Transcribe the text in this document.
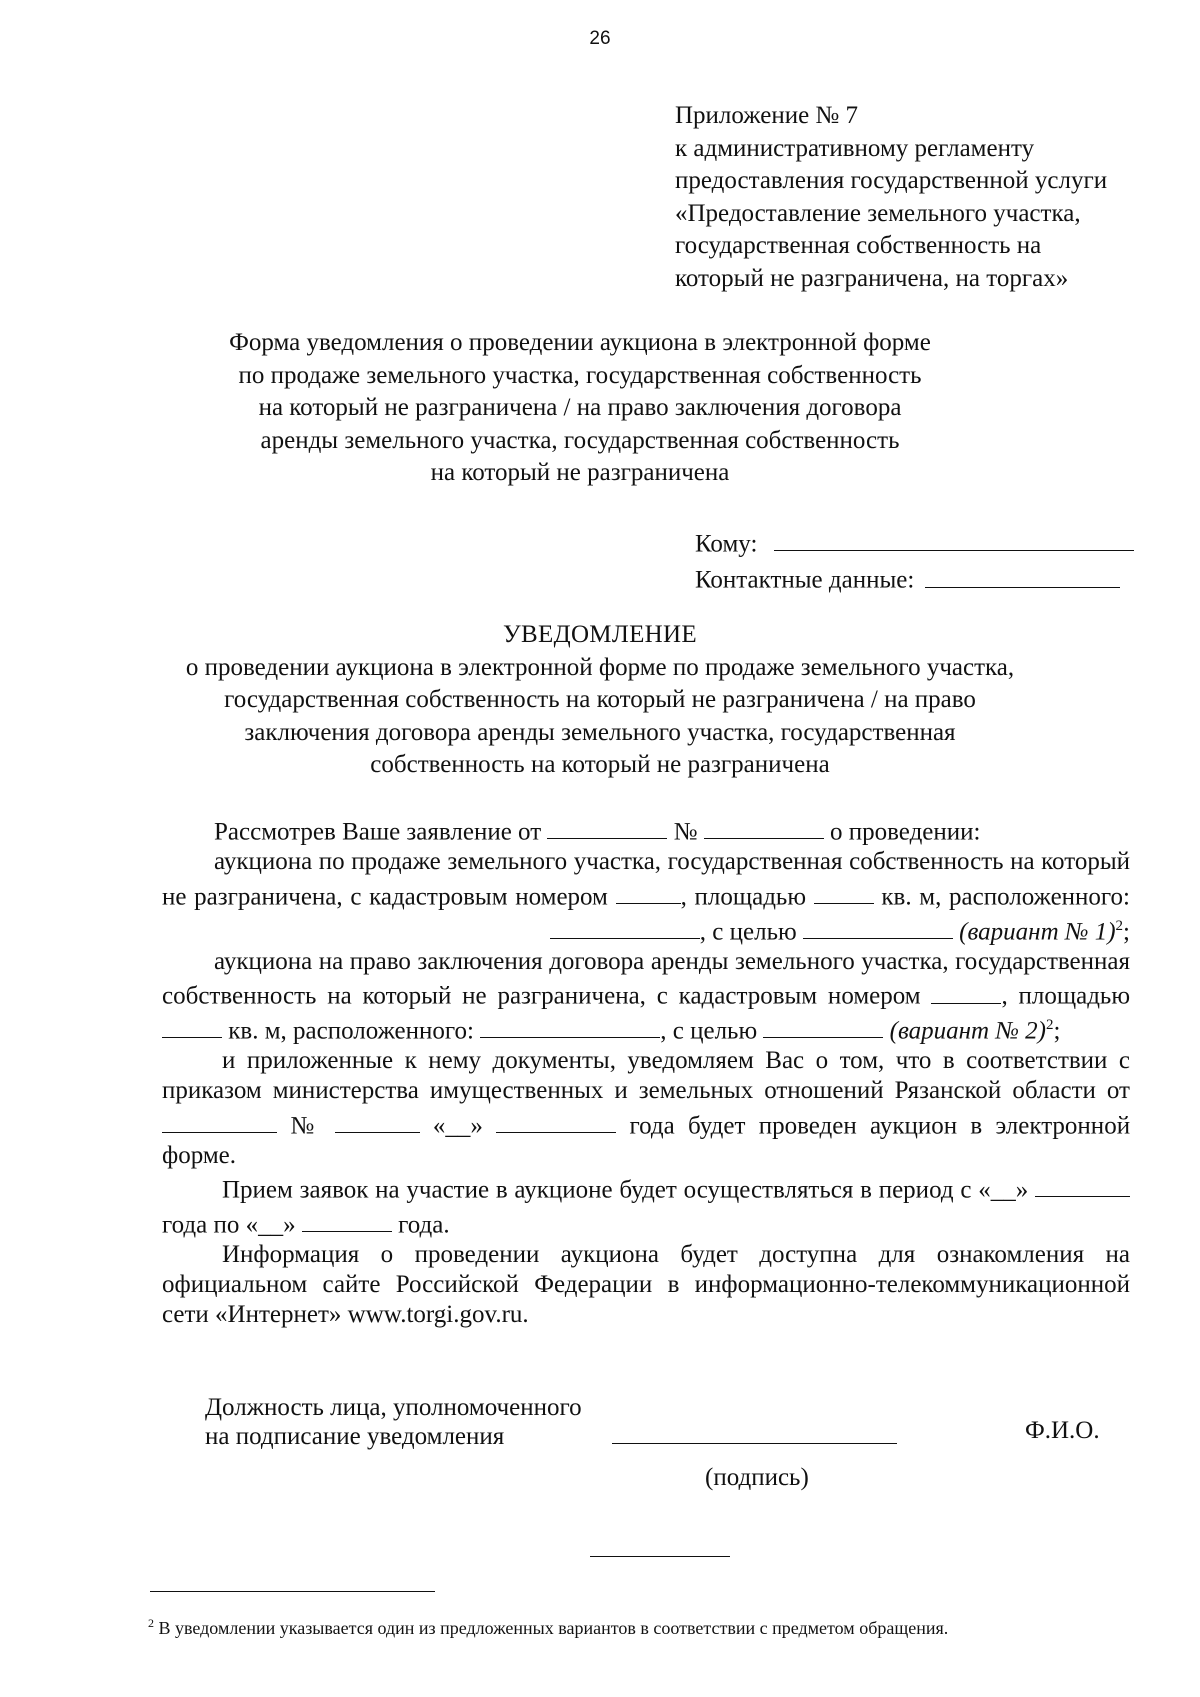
26
Приложение № 7
к административному регламенту
предоставления государственной услуги
«Предоставление земельного участка,
государственная собственность на
который не разграничена, на торгах»
Форма уведомления о проведении аукциона в электронной форме
по продаже земельного участка, государственная собственность
на который не разграничена / на право заключения договора
аренды земельного участка, государственная собственность
на который не разграничена
Кому:
Контактные данные:
УВЕДОМЛЕНИЕ
о проведении аукциона в электронной форме по продаже земельного участка,
государственная собственность на который не разграничена / на право
заключения договора аренды земельного участка, государственная
собственность на который не разграничена

Рассмотрев Ваше заявление от	№	о проведении:

аукциона по продаже земельного участка, государственная собственность на который не разграничена, с кадастровым номером	, площадью	кв. м, расположенного: , с целью	(вариант № 1)$^2$;

аукциона на право заключения договора аренды земельного участка, государственная собственность на который не разграничена, с кадастровым номером	, площадью  кв. м, расположенного:	, с целью	(вариант № 2)$^2$;

и приложенные к нему документы, уведомляем Вас о том, что в соответствии с приказом министерства имущественных и земельных отношений Рязанской области от  №	«__»	года будет проведен аукцион в электронной форме.

Прием заявок на участие в аукционе будет осуществляться в период с «__»  года по «__»	года.

Информация о проведении аукциона будет доступна для ознакомления на официальном сайте Российской Федерации в информационно-телекоммуникационной сети «Интернет» www.torgi.gov.ru.

Должность лица, уполномоченного
на подписание уведомления	Ф.И.О.
(подпись)
$^2$ В уведомлении указывается один из предложенных вариантов в соответствии с предметом обращения.
